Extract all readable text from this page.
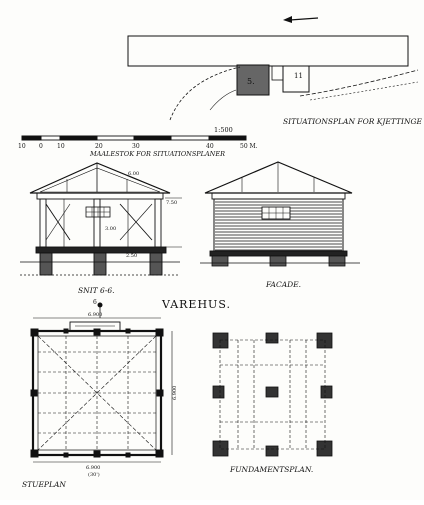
5.
11
SITUATIONSPLAN FOR KJETTINGE
1:500
10 0 10	20	30	40	50 M.
MAALESTOK FOR SITUATIONSPLANER
6.00
7.50
3.00
2.50
SNIT 6-6.
FACADE.
VAREHUS.
6
6.900
6.900
(30')
6.900
STUEPLAN
FUNDAMENTSPLAN.
